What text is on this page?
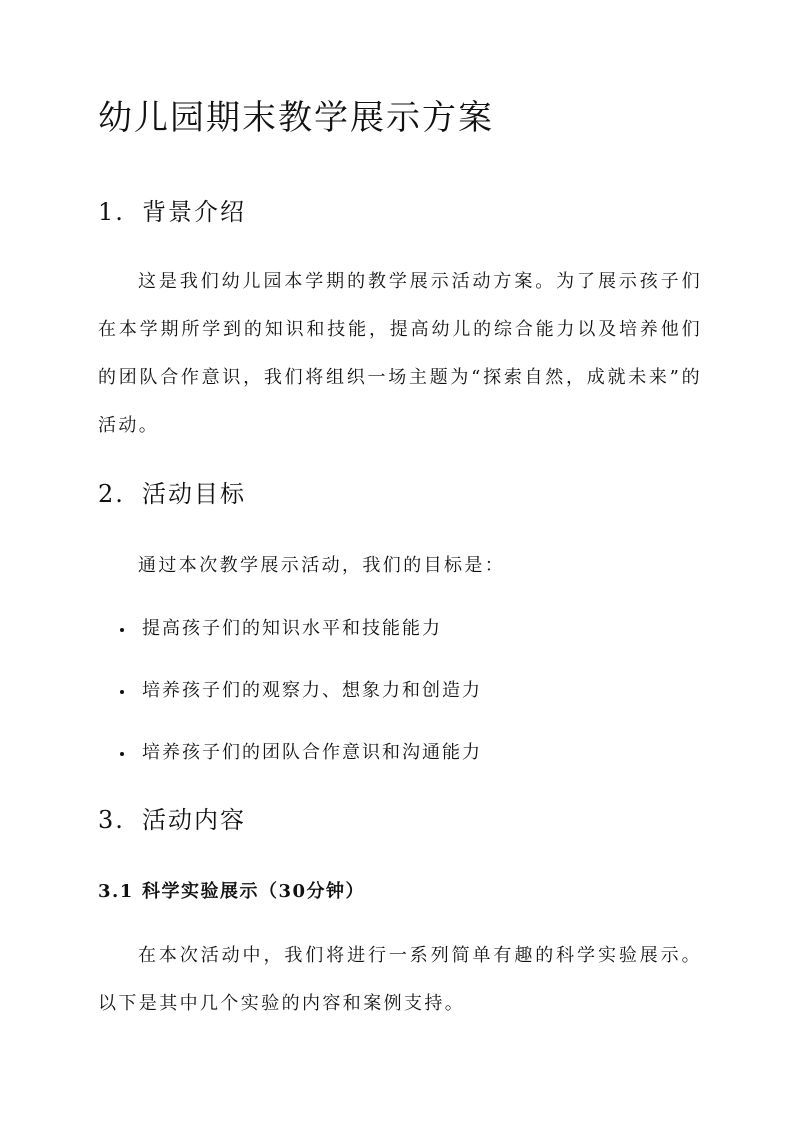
幼儿园期末教学展示方案
1. 背景介绍

这是我们幼儿园本学期的教学展示活动方案。为了展示孩子们在本学期所学到的知识和技能，提高幼儿的综合能力以及培养他们的团队合作意识，我们将组织一场主题为“探索自然，成就未来”的活动。

2. 活动目标

通过本次教学展示活动，我们的目标是：

提高孩子们的知识水平和技能能力
培养孩子们的观察力、想象力和创造力
培养孩子们的团队合作意识和沟通能力
3. 活动内容
3.1 科学实验展示（30分钟）

在本次活动中，我们将进行一系列简单有趣的科学实验展示。以下是其中几个实验的内容和案例支持。
